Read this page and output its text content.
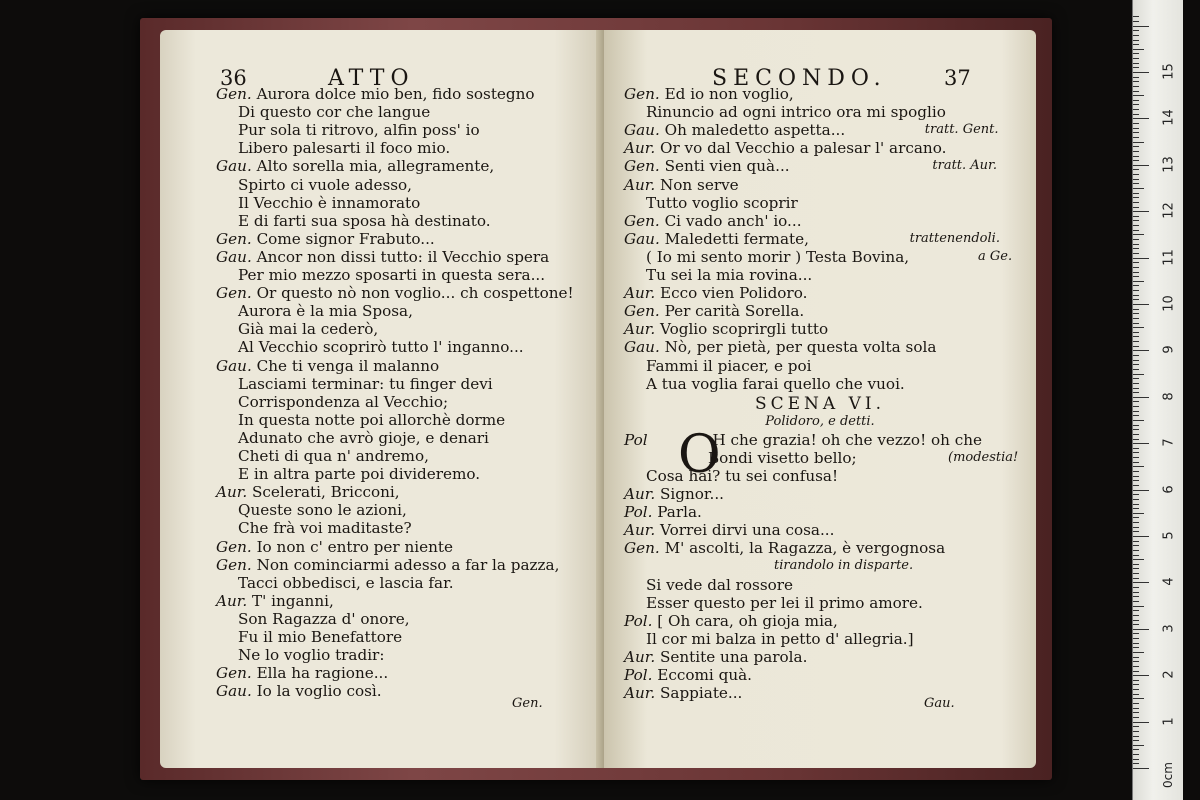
36	ATTO
Gen. Aurora dolce mio ben, fido sostegno
Di questo cor che langue
Pur sola ti ritrovo, alfin poss' io
Libero palesarti il foco mio.
Gau. Alto sorella mia, allegramente,
Spirto ci vuole adesso,
Il Vecchio è innamorato
E di farti sua sposa hà destinato.
Gen. Come signor Frabuto...
Gau. Ancor non dissi tutto: il Vecchio spera
Per mio mezzo sposarti in questa sera...
Gen. Or questo nò non voglio... ch cospettone!
Aurora è la mia Sposa,
Già mai la cederò,
Al Vecchio scoprirò tutto l' inganno...
Gau. Che ti venga il malanno
Lasciami terminar: tu finger devi
Corrispondenza al Vecchio;
In questa notte poi allorchè dorme
Adunato che avrò gioje, e denari
Cheti di qua n' andremo,
E in altra parte poi divideremo.
Aur. Scelerati, Bricconi,
Queste sono le azioni,
Che frà voi maditaste?
Gen. Io non c' entro per niente
Gen. Non cominciarmi adesso a far la pazza,
Tacci obbedisci, e lascia far.
Aur. T' inganni,
Son Ragazza d' onore,
Fu il mio Benefattore
Ne lo voglio tradir:
Gen. Ella ha ragione...
Gau. Io la voglio così.
Gen.
SECONDO.	37
Gen. Ed io non voglio,
Rinuncio ad ogni intrico ora mi spoglio
Gau. Oh maledetto aspetta...	tratt. Gent.
Aur. Or vo dal Vecchio a palesar l' arcano.
Gen. Senti vien quà...	tratt. Aur.
Aur. Non serve
Tutto voglio scoprir
Gen. Ci vado anch' io...
Gau. Maledetti fermate,	trattenendoli.
( Io mi sento morir ) Testa Bovina,	a Ge.
Tu sei la mia rovina...
Aur. Ecco vien Polidoro.
Gen. Per carità Sorella.
Aur. Voglio scoprirgli tutto
Gau. Nò, per pietà, per questa volta sola
Fammi il piacer, e poi
A tua voglia farai quello che vuoi.
SCENA VI.
Polidoro, e detti.
O
Pol	H che grazia! oh che vezzo! oh che
Bondi visetto bello;	(modestia!
Cosa hai? tu sei confusa!
Aur. Signor...
Pol. Parla.
Aur. Vorrei dirvi una cosa...
Gen. M' ascolti, la Ragazza, è vergognosa
tirandolo in disparte.
Si vede dal rossore
Esser questo per lei il primo amore.
Pol. [ Oh cara, oh gioja mia,
Il cor mi balza in petto d' allegria.]
Aur. Sentite una parola.
Pol. Eccomi quà.
Aur. Sappiate...
Gau.
0cm
1
2
3
4
5
6
7
8
9
10
11
12
13
14
15
